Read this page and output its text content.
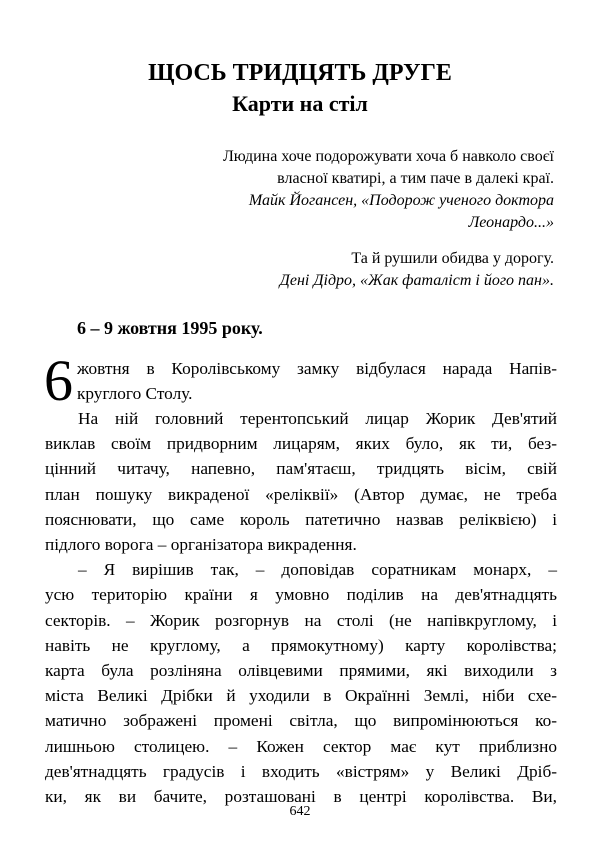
ЩОСЬ ТРИДЦЯТЬ ДРУГЕ
Карти на стіл
Людина хоче подорожувати хоча б навколо своєї
власної кватирі, а тим паче в далекі краї.
Майк Йогансен, «Подорож ученого доктора
Леонардо...»
Та й рушили обидва у дорогу.
Дені Дідро, «Жак фаталіст і його пан».
6 – 9 жовтня 1995 року.
6 жовтня в Королівському замку відбулася нарада Напів-
круглого Столу.
На ній головний терентопський лицар Жорик Дев'ятий
виклав своїм придворним лицарям, яких було, як ти, без-
цінний читачу, напевно, пам'ятаєш, тридцять вісім, свій
план пошуку викраденої «реліквії» (Автор думає, не треба
пояснювати, що саме король патетично назвав реліквією) і
підлого ворога – організатора викрадення.
– Я вирішив так, – доповідав соратникам монарх, –
усю територію країни я умовно поділив на дев'ятнадцять
секторів. – Жорик розгорнув на столі (не напівкруглому, і
навіть не круглому, а прямокутному) карту королівства;
карта була розліняна олівцевими прямими, які виходили з
міста Великі Дрібки й уходили в Окраїнні Землі, ніби схе-
матично зображені промені світла, що випромінюються ко-
лишньою столицею. – Кожен сектор має кут приблизно
дев'ятнадцять градусів і входить «вістрям» у Великі Дріб-
ки, як ви бачите, розташовані в центрі королівства. Ви,
642
